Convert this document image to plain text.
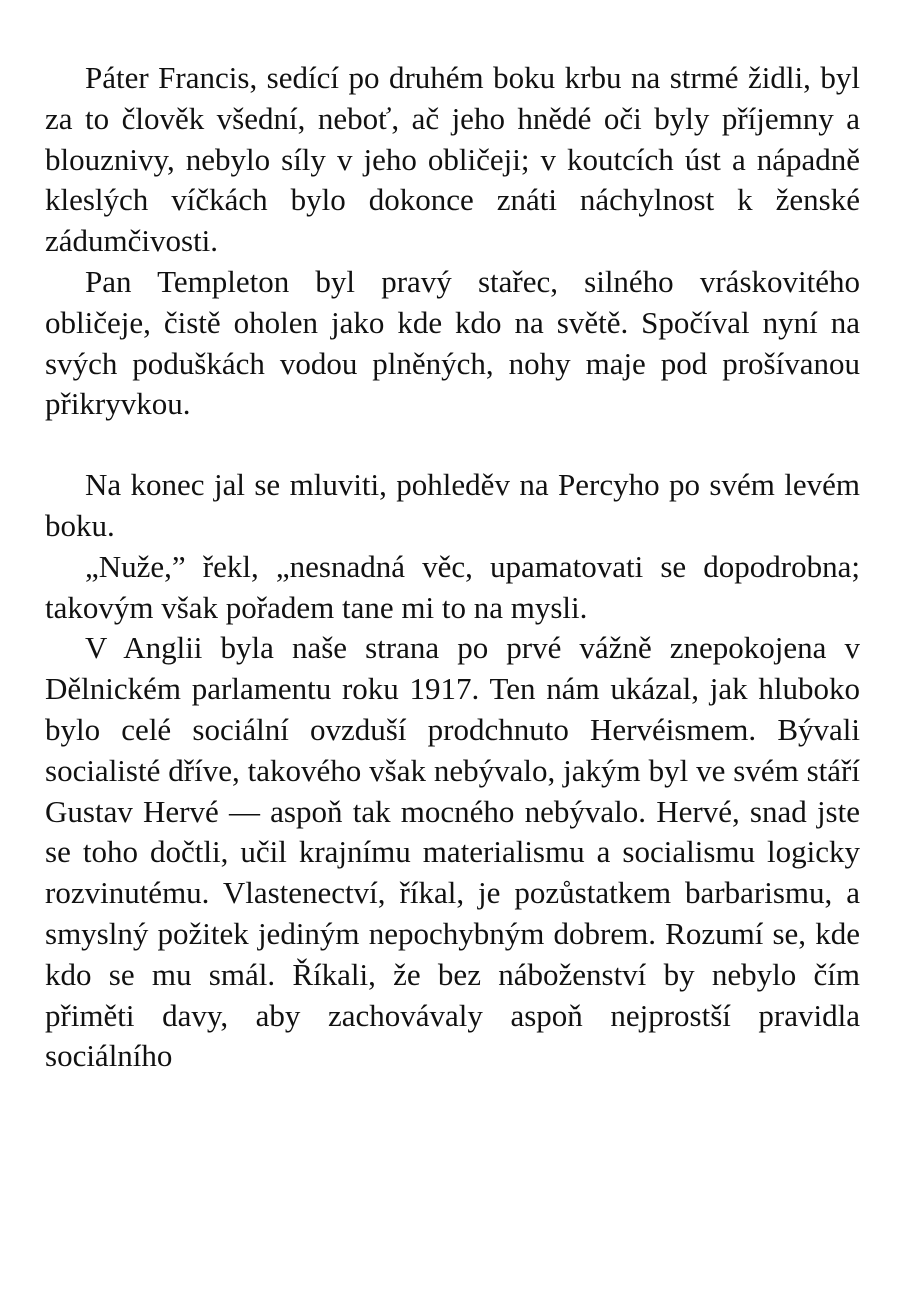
Páter Francis, sedící po druhém boku krbu na strmé židli, byl za to člověk všední, neboť, ač jeho hnědé oči byly příjemny a blouznivy, nebylo síly v jeho obličeji; v koutcích úst a nápadně kleslých víčkách bylo dokonce znáti náchylnost k ženské zádumčivosti.

Pan Templeton byl pravý stařec, silného vráskovitého obličeje, čistě oholen jako kde kdo na světě. Spočíval nyní na svých poduškách vodou plněných, nohy maje pod prošívanou přikryvkou.

Na konec jal se mluviti, pohleděv na Percyho po svém levém boku.

„Nuže,” řekl, „nesnadná věc, upamatovati se dopodrobna; takovým však pořadem tane mi to na mysli.

V Anglii byla naše strana po prvé vážně znepokojena v Dělnickém parlamentu roku 1917. Ten nám ukázal, jak hluboko bylo celé sociální ovzduší prodchnuto Hervéismem. Bývali socialisté dříve, takového však nebývalo, jakým byl ve svém stáří Gustav Hervé — aspoň tak mocného nebývalo. Hervé, snad jste se toho dočtli, učil krajnímu materialismu a socialismu logicky rozvinutému. Vlastenectví, říkal, je pozůstatkem barbarismu, a smyslný požitek jediným nepochybným dobrem. Rozumí se, kde kdo se mu smál. Říkali, že bez náboženství by nebylo čím přiměti davy, aby zachovávaly aspoň nejprostší pravidla sociálního
